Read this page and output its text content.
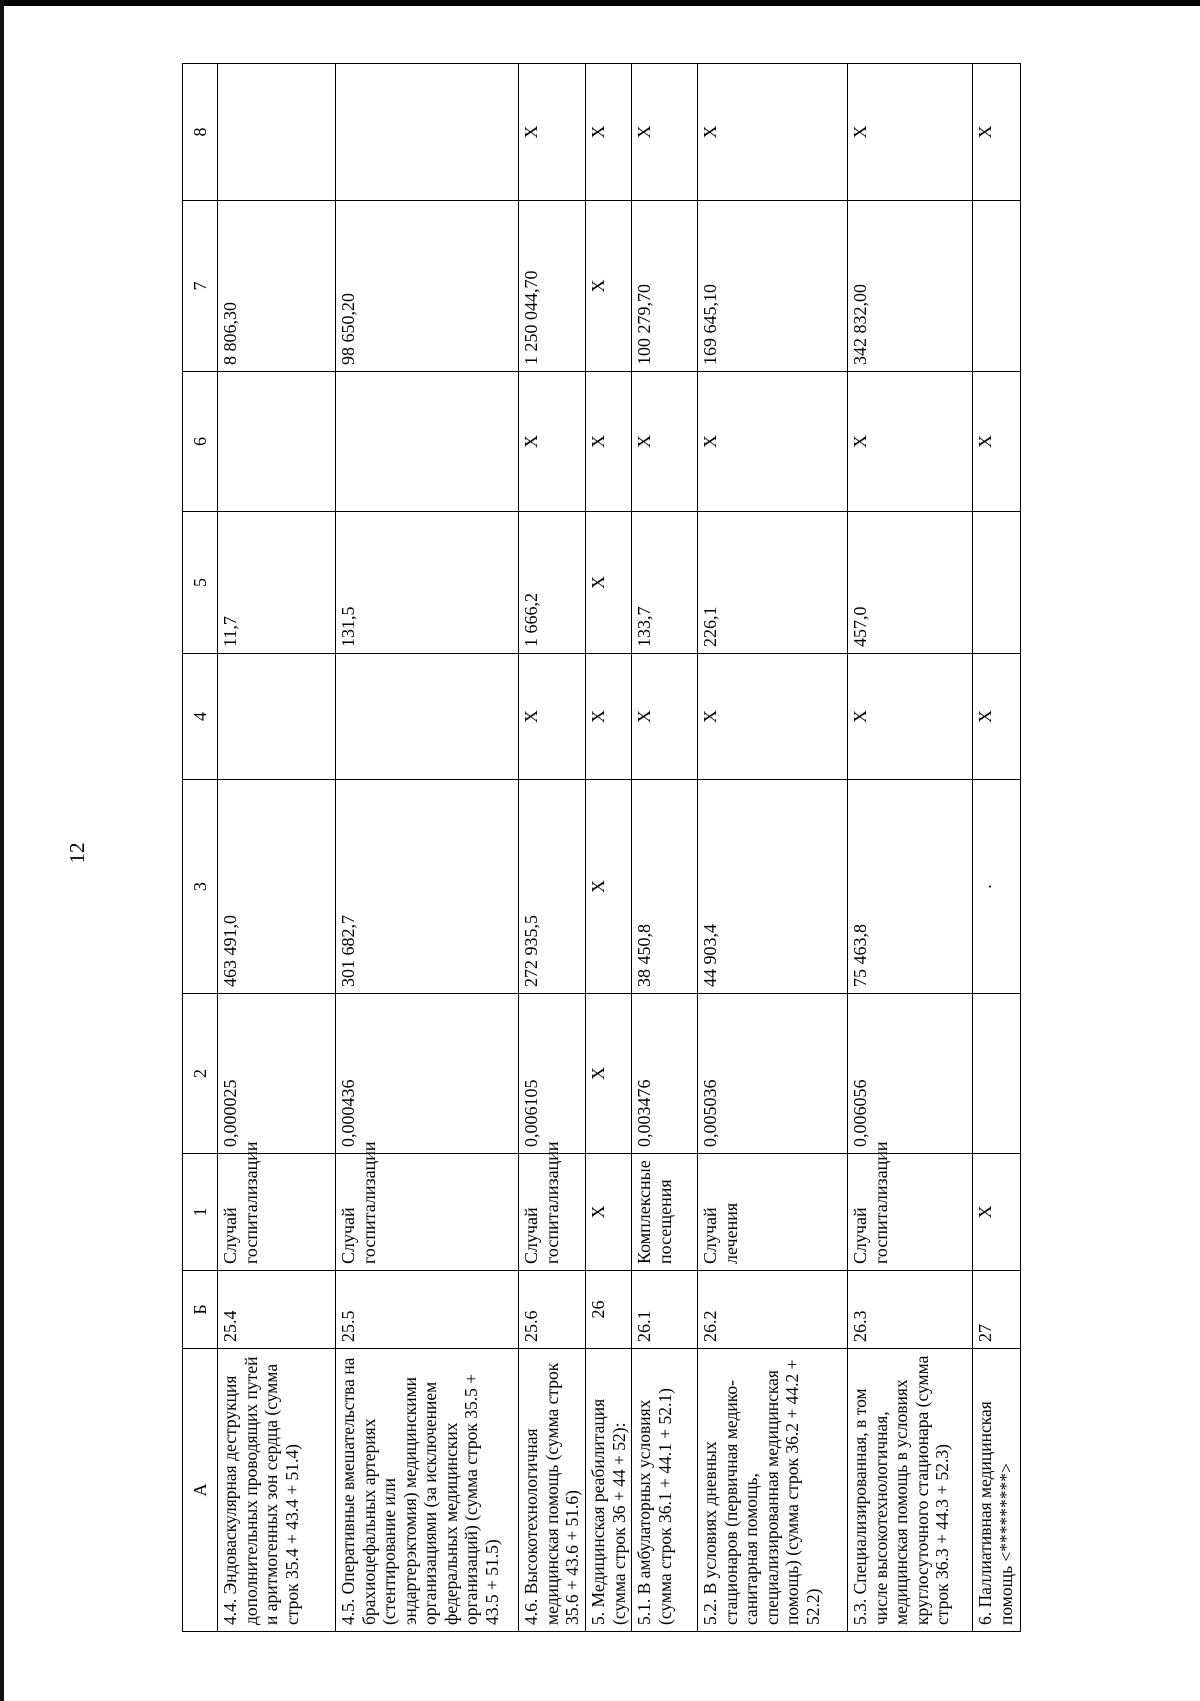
12
A	Б	1	2	3	4	5	6	7	8
4.4. Эндоваскулярная деструкция дополнительных проводящих путей и аритмогенных зон сердца (сумма строк 35.4 + 43.4 + 51.4)	25.4	Случай госпитализации	0,000025	463 491,0		11,7		8 806,30	
4.5. Оперативные вмешательства на брахиоцефальных артериях (стентирование или эндартерэктомия) медицинскими организациями (за исключением федеральных медицинских организаций) (сумма строк 35.5 + 43.5 + 51.5)	25.5	Случай госпитализации	0,000436	301 682,7		131,5		98 650,20	
4.6. Высокотехнологичная медицинская помощь (сумма строк 35.6 + 43.6 + 51.6)	25.6	Случай госпитализации	0,006105	272 935,5	X	1 666,2	X	1 250 044,70	X
5. Медицинская реабилитация (сумма строк 36 + 44 + 52):	26	X	X	X	X	X	X	X	X
5.1. В амбулаторных условиях (сумма строк 36.1 + 44.1 + 52.1)	26.1	Комплексные посещения	0,003476	38 450,8	X	133,7	X	100 279,70	X
5.2. В условиях дневных стационаров (первичная медико-санитарная помощь, специализированная медицинская помощь) (сумма строк 36.2 + 44.2 + 52.2)	26.2	Случай лечения	0,005036	44 903,4	X	226,1	X	169 645,10	X
5.3. Специализированная, в том числе высокотехнологичная, медицинская помощь в условиях круглосуточного стационара (сумма строк 36.3 + 44.3 + 52.3)	26.3	Случай госпитализации	0,006056	75 463,8	X	457,0	X	342 832,00	X
6. Паллиативная медицинская помощь <*********>	27	X		.	X		X		X
